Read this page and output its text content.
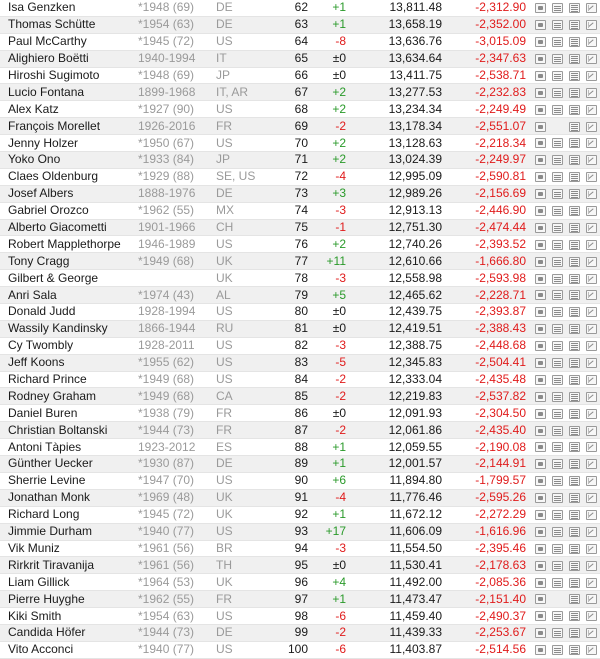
Isa Genzken	*1948 (69)	DE	62	+1	13,811.48	-2,312.90				
Thomas Schütte	*1954 (63)	DE	63	+1	13,658.19	-2,352.00				
Paul McCarthy	*1945 (72)	US	64	-8	13,636.76	-3,015.09				
Alighiero Boëtti	1940-1994	IT	65	±0	13,634.64	-2,347.63				
Hiroshi Sugimoto	*1948 (69)	JP	66	±0	13,411.75	-2,538.71				
Lucio Fontana	1899-1968	IT, AR	67	+2	13,277.53	-2,232.83				
Alex Katz	*1927 (90)	US	68	+2	13,234.34	-2,249.49				
François Morellet	1926-2016	FR	69	-2	13,178.34	-2,551.07				
Jenny Holzer	*1950 (67)	US	70	+2	13,128.63	-2,218.34				
Yoko Ono	*1933 (84)	JP	71	+2	13,024.39	-2,249.97				
Claes Oldenburg	*1929 (88)	SE, US	72	-4	12,995.09	-2,590.81				
Josef Albers	1888-1976	DE	73	+3	12,989.26	-2,156.69				
Gabriel Orozco	*1962 (55)	MX	74	-3	12,913.13	-2,446.90				
Alberto Giacometti	1901-1966	CH	75	-1	12,751.30	-2,474.44				
Robert Mapplethorpe	1946-1989	US	76	+2	12,740.26	-2,393.52				
Tony Cragg	*1949 (68)	UK	77	+11	12,610.66	-1,666.80				
Gilbert & George		UK	78	-3	12,558.98	-2,593.98				
Anri Sala	*1974 (43)	AL	79	+5	12,465.62	-2,228.71				
Donald Judd	1928-1994	US	80	±0	12,439.75	-2,393.87				
Wassily Kandinsky	1866-1944	RU	81	±0	12,419.51	-2,388.43				
Cy Twombly	1928-2011	US	82	-3	12,388.75	-2,448.68				
Jeff Koons	*1955 (62)	US	83	-5	12,345.83	-2,504.41				
Richard Prince	*1949 (68)	US	84	-2	12,333.04	-2,435.48				
Rodney Graham	*1949 (68)	CA	85	-2	12,219.83	-2,537.82				
Daniel Buren	*1938 (79)	FR	86	±0	12,091.93	-2,304.50				
Christian Boltanski	*1944 (73)	FR	87	-2	12,061.86	-2,435.40				
Antoni Tàpies	1923-2012	ES	88	+1	12,059.55	-2,190.08				
Günther Uecker	*1930 (87)	DE	89	+1	12,001.57	-2,144.91				
Sherrie Levine	*1947 (70)	US	90	+6	11,894.80	-1,799.57				
Jonathan Monk	*1969 (48)	UK	91	-4	11,776.46	-2,595.26				
Richard Long	*1945 (72)	UK	92	+1	11,672.12	-2,272.29				
Jimmie Durham	*1940 (77)	US	93	+17	11,606.09	-1,616.96				
Vik Muniz	*1961 (56)	BR	94	-3	11,554.50	-2,395.46				
Rirkrit Tiravanija	*1961 (56)	TH	95	±0	11,530.41	-2,178.63				
Liam Gillick	*1964 (53)	UK	96	+4	11,492.00	-2,085.36				
Pierre Huyghe	*1962 (55)	FR	97	+1	11,473.47	-2,151.40				
Kiki Smith	*1954 (63)	US	98	-6	11,459.40	-2,490.37				
Candida Höfer	*1944 (73)	DE	99	-2	11,439.33	-2,253.67				
Vito Acconci	*1940 (77)	US	100	-6	11,403.87	-2,514.56				
